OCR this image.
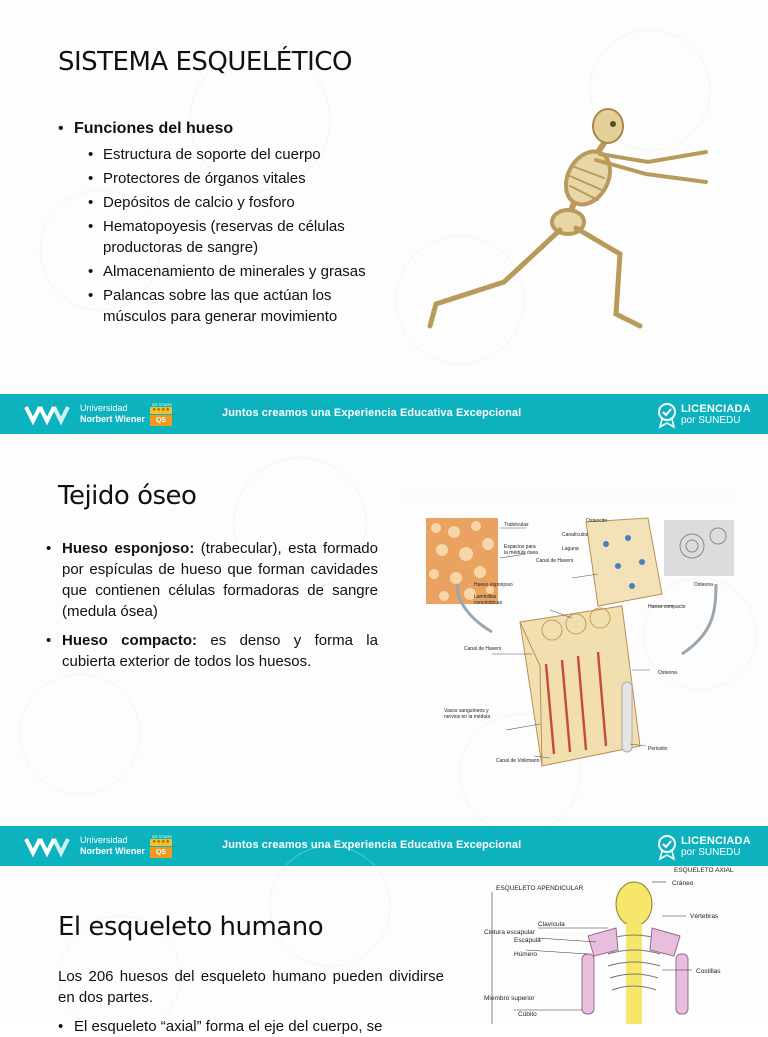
SISTEMA ESQUELÉTICO
• Funciones del hueso
• Estructura de soporte del cuerpo
• Protectores de órganos vitales
• Depósitos de calcio y fosforo
• Hematopoyesis (reservas de células productoras de sangre)
• Almacenamiento de minerales y grasas
• Palancas sobre las que actúan los músculos para generar movimiento
Universidad
Norbert Wiener
QS STARS
★★★★
QS
Juntos creamos una Experiencia Educativa Excepcional	LICENCIADA
por SUNEDU
Tejido óseo
• Hueso esponjoso: (trabecular), esta formado por espículas de hueso que forman cavidades que contienen células formadoras de sangre (medula ósea)
• Hueso compacto: es denso y forma la cubierta exterior de todos los huesos.
Trabéculas
Espacios para
la médula ósea
Osteocito
Canalículos
Laguna
Canal de Havers
Hueso esponjoso
Laminillas
concéntricas
Hueso compacto
Osteona
Canal de Havers
Osteona
Vasos sanguíneos y
nervios en la médula
Canal de Volkmann
Periostio
Universidad
Norbert Wiener
QS STARS
★★★★
QS
Juntos creamos una Experiencia Educativa Excepcional	LICENCIADA
por SUNEDU
El esqueleto humano

Los 206 huesos del esqueleto humano pueden dividirse en dos partes.

• El esqueleto “axial” forma el eje del cuerpo, se

ESQUELETO AXIAL
ESQUELETO APENDICULAR
Cráneo
Clavícula
Cintura escapular
Escápula
Vértebras
Húmero
Costillas
Miembro superior
Cúbito
